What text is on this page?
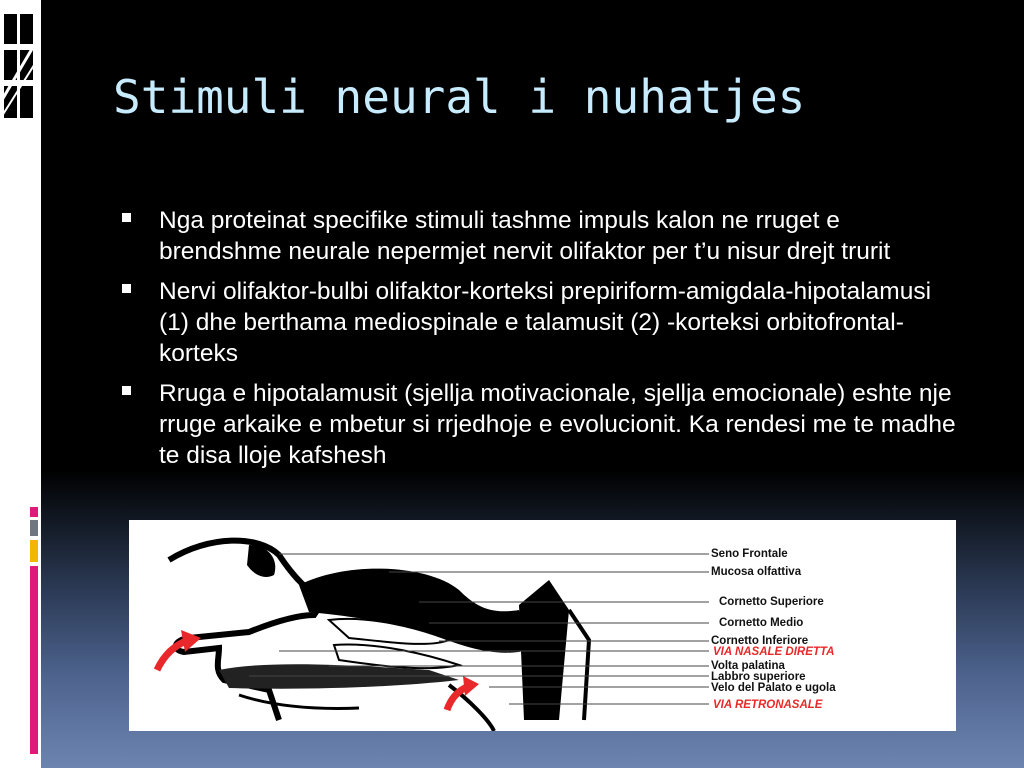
Stimuli neural i nuhatjes
Nga proteinat specifike stimuli tashme impuls kalon ne rruget e brendshme neurale nepermjet nervit olifaktor per t’u nisur drejt trurit
Nervi olifaktor-bulbi olifaktor-korteksi prepiriform-amigdala-hipotalamusi (1) dhe berthama mediospinale e talamusit (2) -korteksi orbitofrontal-korteks
Rruga e hipotalamusit (sjellja motivacionale, sjellja emocionale) eshte nje rruge arkaike e mbetur si rrjedhoje e evolucionit. Ka rendesi me te madhe te disa lloje kafshesh
Seno Frontale
Mucosa olfattiva
Cornetto Superiore
Cornetto Medio
Cornetto Inferiore
VIA NASALE DIRETTA
Volta palatina
Labbro superiore
Velo del Palato e ugola
VIA RETRONASALE
